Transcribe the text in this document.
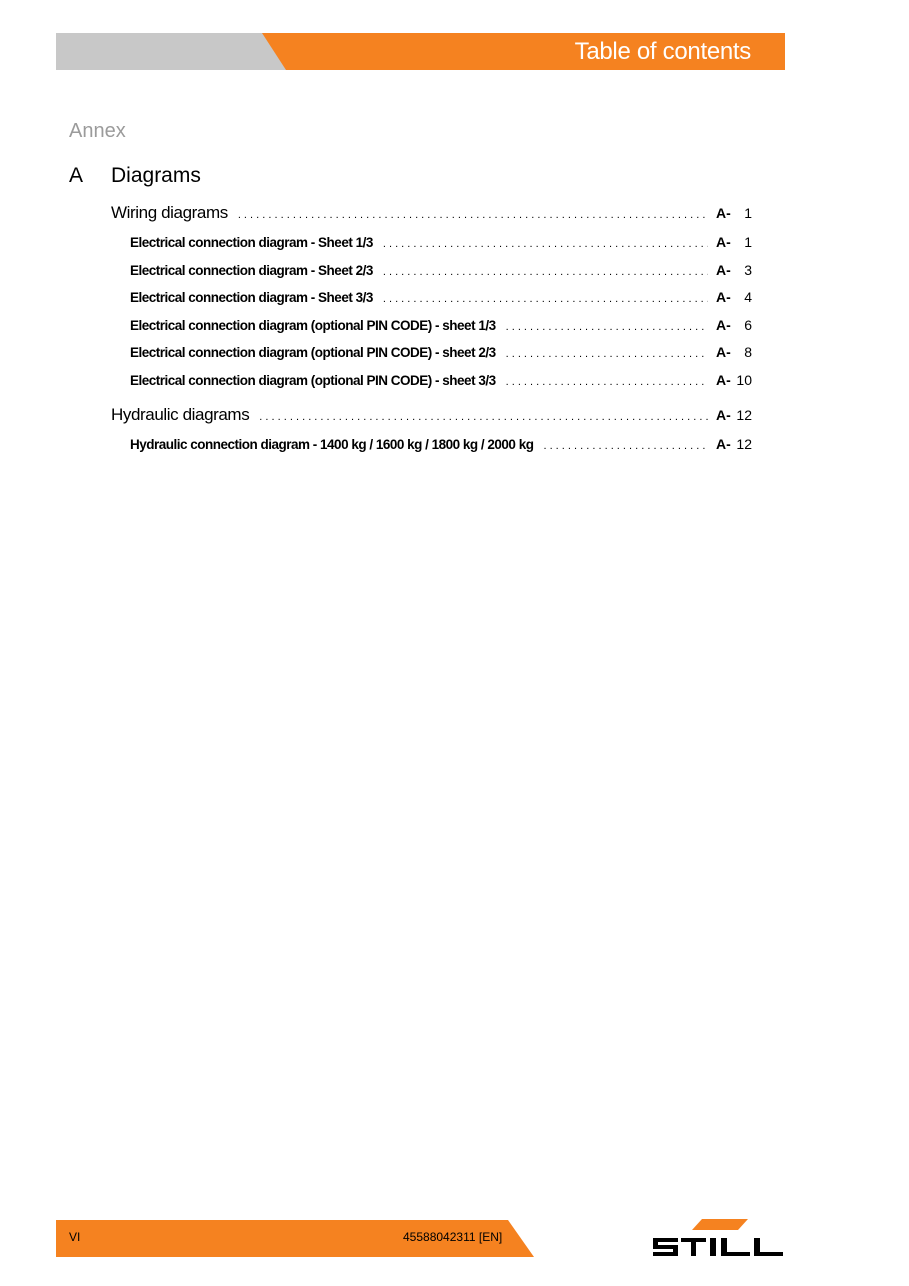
Table of contents
Annex
A Diagrams
Wiring diagrams . . .	A- 1
Electrical connection diagram - Sheet 1/3 . . .	A- 1
Electrical connection diagram - Sheet 2/3 . . .	A- 3
Electrical connection diagram - Sheet 3/3 . . .	A- 4
Electrical connection diagram (optional PIN CODE) - sheet 1/3 . . .	A- 6
Electrical connection diagram (optional PIN CODE) - sheet 2/3 . . .	A- 8
Electrical connection diagram (optional PIN CODE) - sheet 3/3 . . .	A- 10
Hydraulic diagrams . . .	A- 12
Hydraulic connection diagram - 1400 kg / 1600 kg / 1800 kg / 2000 kg . . .	A- 12
VI	45588042311 [EN]
